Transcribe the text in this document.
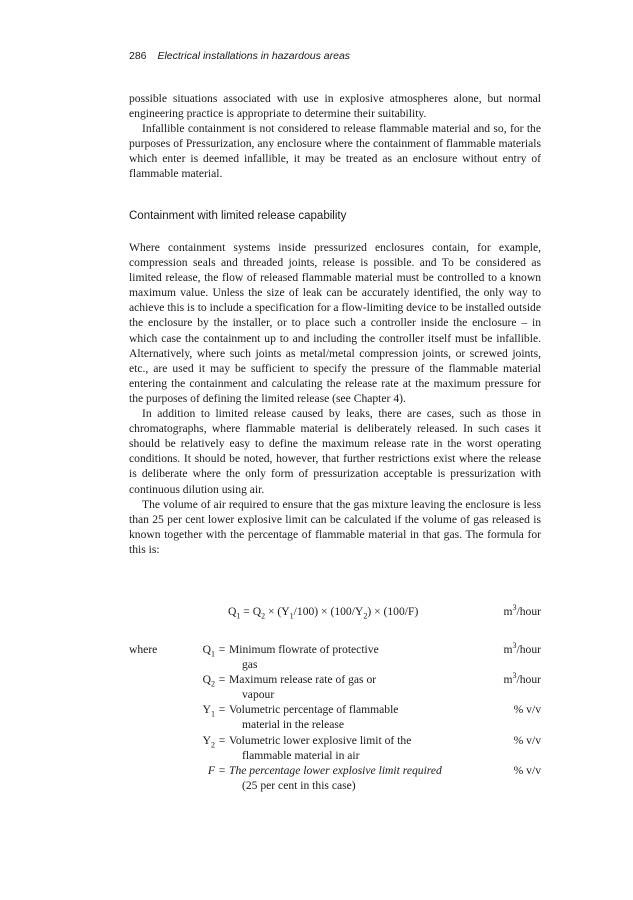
286 Electrical installations in hazardous areas

possible situations associated with use in explosive atmospheres alone, but normal engineering practice is appropriate to determine their suitability.

Infallible containment is not considered to release flammable material and so, for the purposes of Pressurization, any enclosure where the containment of flammable materials which enter is deemed infallible, it may be treated as an enclosure without entry of flammable material.

Containment with limited release capability

Where containment systems inside pressurized enclosures contain, for example, compression seals and threaded joints, release is possible. and To be considered as limited release, the flow of released flammable material must be controlled to a known maximum value. Unless the size of leak can be accurately identified, the only way to achieve this is to include a specification for a flow-limiting device to be installed outside the enclosure by the installer, or to place such a controller inside the enclosure – in which case the containment up to and including the controller itself must be infallible. Alternatively, where such joints as metal/metal compression joints, or screwed joints, etc., are used it may be sufficient to specify the pressure of the flammable material entering the containment and calculating the release rate at the maximum pressure for the purposes of defining the limited release (see Chapter 4).

In addition to limited release caused by leaks, there are cases, such as those in chromatographs, where flammable material is deliberately released. In such cases it should be relatively easy to define the maximum release rate in the worst operating conditions. It should be noted, however, that further restrictions exist where the release is deliberate where the only form of pressurization acceptable is pressurization with continuous dilution using air.

The volume of air required to ensure that the gas mixture leaving the enclosure is less than 25 per cent lower explosive limit can be calculated if the volume of gas released is known together with the percentage of flammable material in that gas. The formula for this is:

$Q_1 = Q_2 \times (Y_1/100) \times (100/Y_2) \times (100/F)$	$m^3$/hour
where	$Q_1$ = Minimum flowrate of protective
gas
$m^3$/hour
$Q_2$ = Maximum release rate of gas or
vapour
$m^3$/hour
$Y_1$ = Volumetric percentage of flammable
material in the release
% v/v
$Y_2$ = Volumetric lower explosive limit of the
flammable material in air
% v/v
F = The percentage lower explosive limit required
(25 per cent in this case)
% v/v
